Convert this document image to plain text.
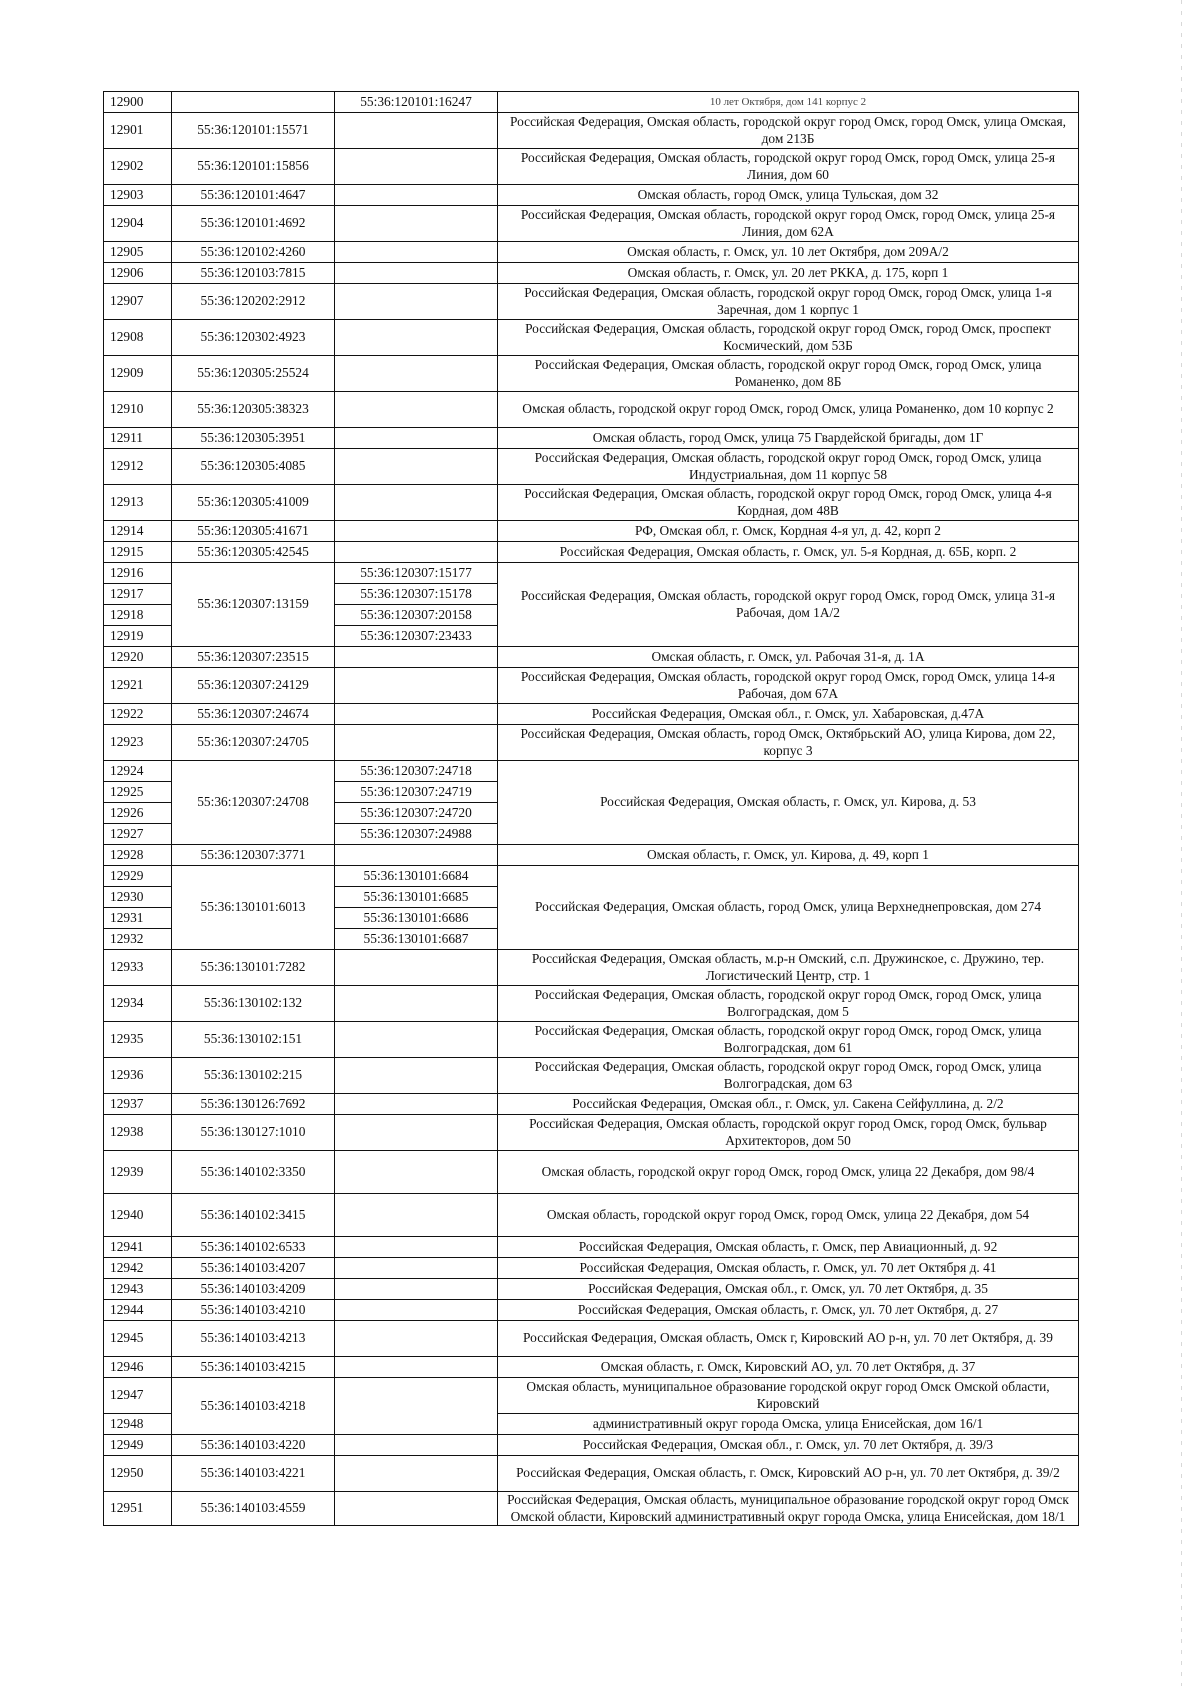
12900		55:36:120101:16247	10 лет Октября, дом 141 корпус 2
12901	55:36:120101:15571		Российская Федерация, Омская область, городской округ город Омск, город Омск, улица Омская, дом 213Б
12902	55:36:120101:15856		Российская Федерация, Омская область, городской округ город Омск, город Омск, улица 25-я Линия, дом 60
12903	55:36:120101:4647		Омская область, город Омск, улица Тульская, дом 32
12904	55:36:120101:4692		Российская Федерация, Омская область, городской округ город Омск, город Омск, улица 25-я Линия, дом 62А
12905	55:36:120102:4260		Омская область, г. Омск, ул. 10 лет Октября, дом 209А/2
12906	55:36:120103:7815		Омская область, г. Омск, ул. 20 лет РККА, д. 175, корп 1
12907	55:36:120202:2912		Российская Федерация, Омская область, городской округ город Омск, город Омск, улица 1-я Заречная, дом 1 корпус 1
12908	55:36:120302:4923		Российская Федерация, Омская область, городской округ город Омск, город Омск, проспект Космический, дом 53Б
12909	55:36:120305:25524		Российская Федерация, Омская область, городской округ город Омск, город Омск, улица Романенко, дом 8Б
12910	55:36:120305:38323		Омская область, городской округ город Омск, город Омск, улица Романенко, дом 10 корпус 2
12911	55:36:120305:3951		Омская область, город Омск, улица 75 Гвардейской бригады, дом 1Г
12912	55:36:120305:4085		Российская Федерация, Омская область, городской округ город Омск, город Омск, улица Индустриальная, дом 11 корпус 58
12913	55:36:120305:41009		Российская Федерация, Омская область, городской округ город Омск, город Омск, улица 4-я Кордная, дом 48В
12914	55:36:120305:41671		РФ, Омская обл, г. Омск, Кордная 4-я ул, д. 42, корп 2
12915	55:36:120305:42545		Российская Федерация, Омская область, г. Омск, ул. 5-я Кордная, д. 65Б, корп. 2
12916	55:36:120307:13159	55:36:120307:15177	Российская Федерация, Омская область, городской округ город Омск, город Омск, улица 31-я Рабочая, дом 1А/2
12917		55:36:120307:15178	
12918		55:36:120307:20158	
12919		55:36:120307:23433	
12920	55:36:120307:23515		Омская область, г. Омск, ул. Рабочая 31-я, д. 1А
12921	55:36:120307:24129		Российская Федерация, Омская область, городской округ город Омск, город Омск, улица 14-я Рабочая, дом 67А
12922	55:36:120307:24674		Российская Федерация, Омская обл., г. Омск, ул. Хабаровская, д.47А
12923	55:36:120307:24705		Российская Федерация, Омская область, город Омск, Октябрьский АО, улица Кирова, дом 22, корпус 3
12924	55:36:120307:24708	55:36:120307:24718	Российская Федерация, Омская область, г. Омск, ул. Кирова, д. 53
12925		55:36:120307:24719	
12926		55:36:120307:24720	
12927		55:36:120307:24988	
12928	55:36:120307:3771		Омская область, г. Омск, ул. Кирова, д. 49, корп 1
12929	55:36:130101:6013	55:36:130101:6684	Российская Федерация, Омская область, город Омск, улица Верхнеднепровская, дом 274
12930		55:36:130101:6685	
12931		55:36:130101:6686	
12932		55:36:130101:6687	
12933	55:36:130101:7282		Российская Федерация, Омская область, м.р-н Омский, с.п. Дружинское, с. Дружино, тер. Логистический Центр, стр. 1
12934	55:36:130102:132		Российская Федерация, Омская область, городской округ город Омск, город Омск, улица Волгоградская, дом 5
12935	55:36:130102:151		Российская Федерация, Омская область, городской округ город Омск, город Омск, улица Волгоградская, дом 61
12936	55:36:130102:215		Российская Федерация, Омская область, городской округ город Омск, город Омск, улица Волгоградская, дом 63
12937	55:36:130126:7692		Российская Федерация, Омская обл., г. Омск, ул. Сакена Сейфуллина, д. 2/2
12938	55:36:130127:1010		Российская Федерация, Омская область, городской округ город Омск, город Омск, бульвар Архитекторов, дом 50
12939	55:36:140102:3350		Омская область, городской округ город Омск, город Омск, улица 22 Декабря, дом 98/4
12940	55:36:140102:3415		Омская область, городской округ город Омск, город Омск, улица 22 Декабря, дом 54
12941	55:36:140102:6533		Российская Федерация, Омская область, г. Омск, пер Авиационный, д. 92
12942	55:36:140103:4207		Российская Федерация, Омская область, г. Омск, ул. 70 лет Октября д. 41
12943	55:36:140103:4209		Российская Федерация, Омская обл., г. Омск, ул. 70 лет Октября, д. 35
12944	55:36:140103:4210		Российская Федерация, Омская область, г. Омск, ул. 70 лет Октября, д. 27
12945	55:36:140103:4213		Российская Федерация, Омская область, Омск г, Кировский АО р-н, ул. 70 лет Октября, д. 39
12946	55:36:140103:4215		Омская область, г. Омск, Кировский АО, ул. 70 лет Октября, д. 37
12947	55:36:140103:4218		Омская область, муниципальное образование городской округ город Омск Омской области, Кировский
12948			административный округ города Омска, улица Енисейская, дом 16/1
12949	55:36:140103:4220		Российская Федерация, Омская обл., г. Омск, ул. 70 лет Октября, д. 39/3
12950	55:36:140103:4221		Российская Федерация, Омская область, г. Омск, Кировский АО р-н, ул. 70 лет Октября, д. 39/2
12951	55:36:140103:4559		Российская Федерация, Омская область, муниципальное образование городской округ город Омск Омской области, Кировский административный округ города Омска, улица Енисейская, дом 18/1
